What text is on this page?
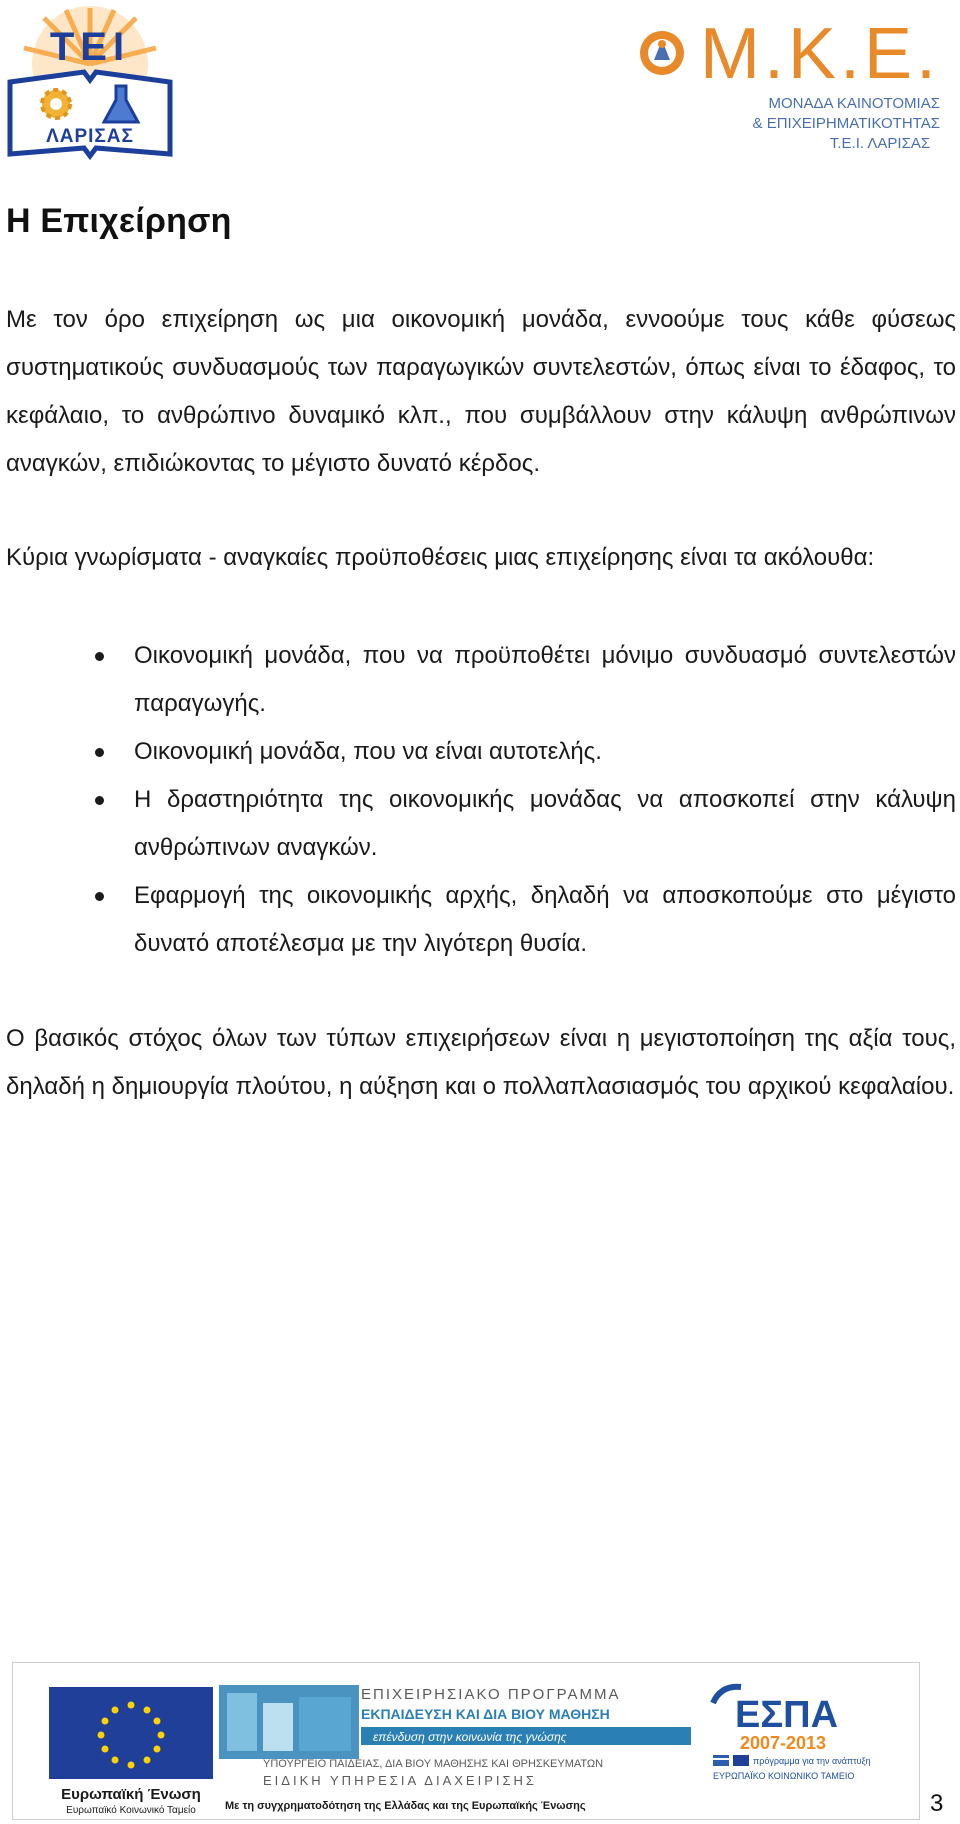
TEI
ΛΑΡΙΣΑΣ
Μ.Κ.Ε.
ΜΟΝΑΔΑ ΚΑΙΝΟΤΟΜΙΑΣ
& ΕΠΙΧΕΙΡΗΜΑΤΙΚΟΤΗΤΑΣ
Τ.Ε.Ι. ΛΑΡΙΣΑΣ
Η Επιχείρηση

Με τον όρο επιχείρηση ως μια οικονομική μονάδα, εννοούμε τους κάθε φύσεως συστηματικούς συνδυασμούς των παραγωγικών συντελεστών, όπως είναι το έδαφος, το κεφάλαιο, το ανθρώπινο δυναμικό κλπ., που συμβάλλουν στην κάλυψη ανθρώπινων αναγκών, επιδιώκοντας το μέγιστο δυνατό κέρδος.

Κύρια γνωρίσματα - αναγκαίες προϋποθέσεις μιας επιχείρησης είναι τα ακόλουθα:

Οικονομική μονάδα, που να προϋποθέτει μόνιμο συνδυασμό συντελεστών παραγωγής.
Οικονομική μονάδα, που να είναι αυτοτελής.
Η δραστηριότητα της οικονομικής μονάδας να αποσκοπεί στην κάλυψη ανθρώπινων αναγκών.
Εφαρμογή της οικονομικής αρχής, δηλαδή να αποσκοπούμε στο μέγιστο δυνατό αποτέλεσμα με την λιγότερη θυσία.

Ο βασικός στόχος όλων των τύπων επιχειρήσεων είναι η μεγιστοποίηση της αξία τους, δηλαδή η δημιουργία πλούτου, η αύξηση και ο πολλαπλασιασμός του αρχικού κεφαλαίου.

Ευρωπαϊκή Ένωση
Ευρωπαϊκό Κοινωνικό Ταμείο
ΕΠΙΧΕΙΡΗΣΙΑΚΟ ΠΡΟΓΡΑΜΜΑ
ΕΚΠΑΙΔΕΥΣΗ ΚΑΙ ΔΙΑ ΒΙΟΥ ΜΑΘΗΣΗ
επένδυση στην κοινωνία της γνώσης
ΥΠΟΥΡΓΕΙΟ ΠΑΙΔΕΙΑΣ, ΔΙΑ ΒΙΟΥ ΜΑΘΗΣΗΣ ΚΑΙ ΘΡΗΣΚΕΥΜΑΤΩΝ
ΕΙΔΙΚΗ ΥΠΗΡΕΣΙΑ ΔΙΑΧΕΙΡΙΣΗΣ
Με τη συγχρηματοδότηση της Ελλάδας και της Ευρωπαϊκής Ένωσης
ΕΣΠΑ
2007-2013
πρόγραμμα για την ανάπτυξη
ΕΥΡΩΠΑΪΚΟ ΚΟΙΝΩΝΙΚΟ ΤΑΜΕΙΟ
3
